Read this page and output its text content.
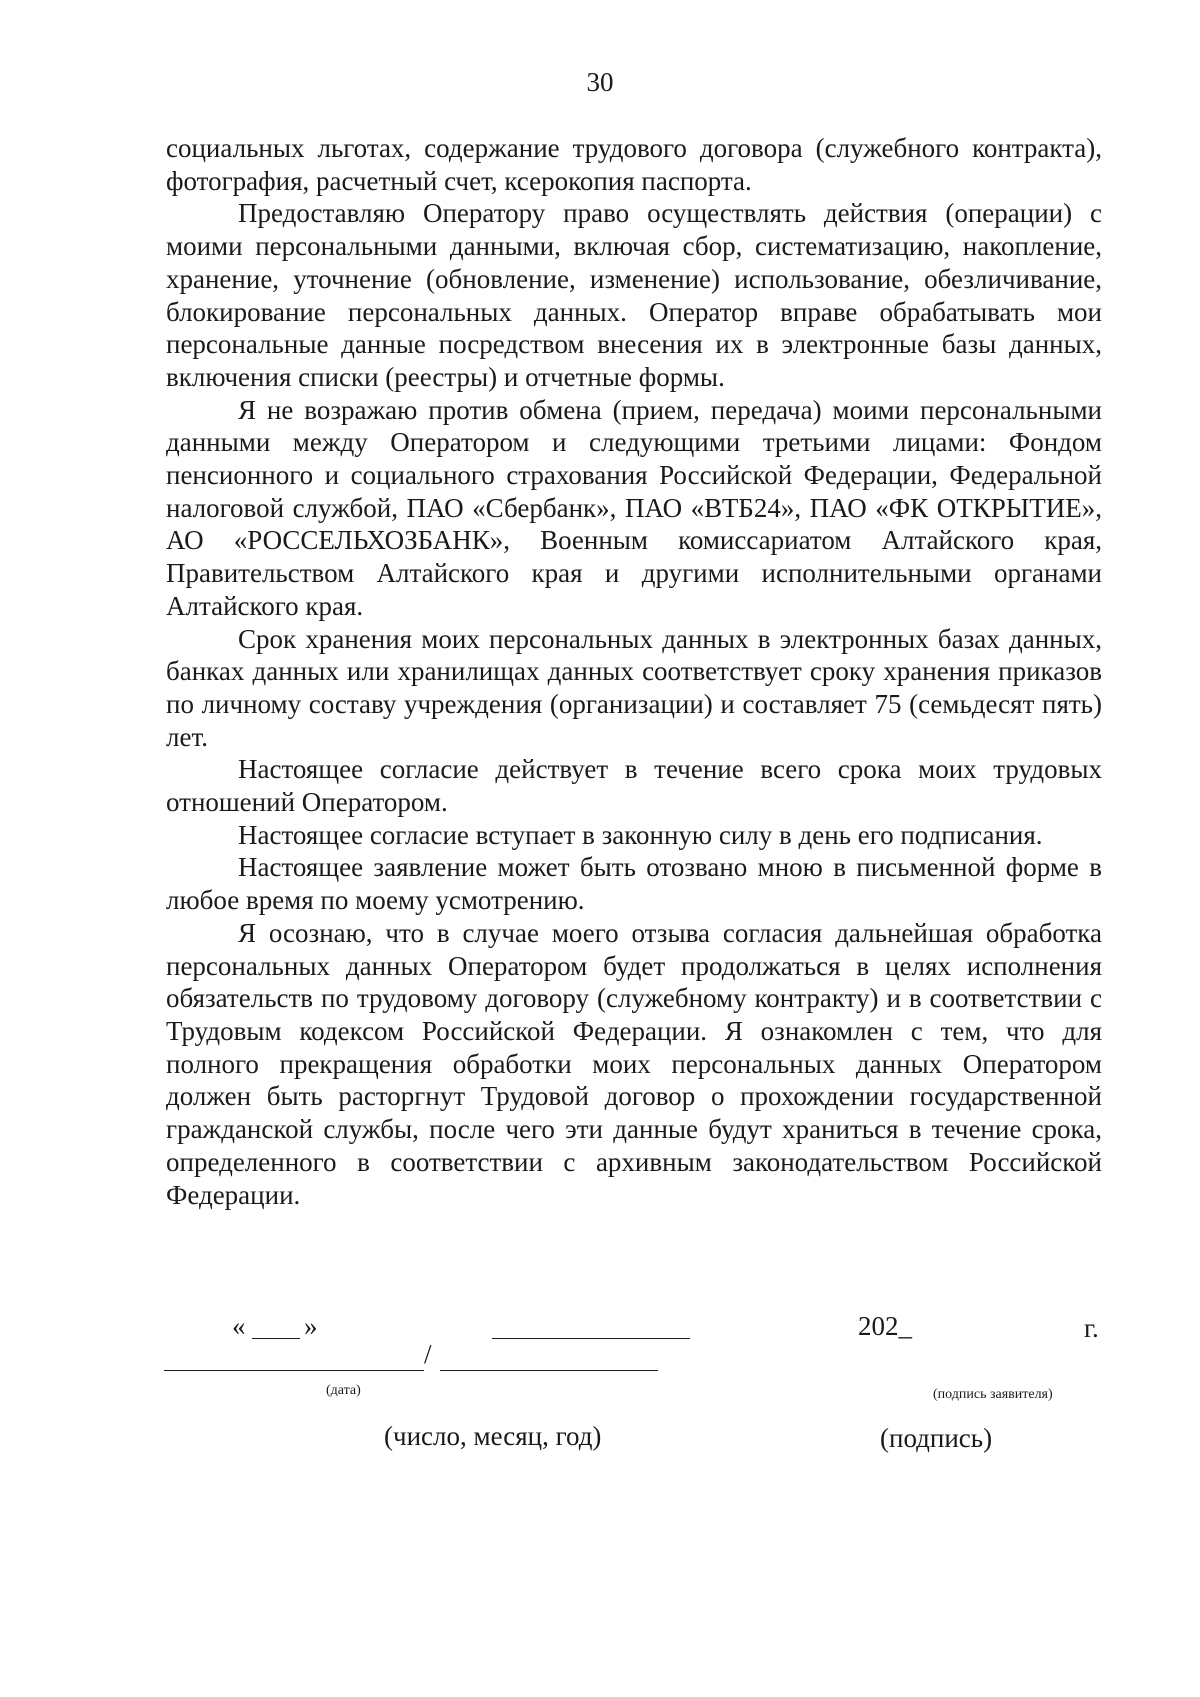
30

социальных льготах, содержание трудового договора (служебного контракта), фотография, расчетный счет, ксерокопия паспорта.

Предоставляю Оператору право осуществлять действия (операции) с моими персональными данными, включая сбор, систематизацию, накопление, хранение, уточнение (обновление, изменение) использование, обезличивание, блокирование персональных данных. Оператор вправе обрабатывать мои персональные данные посредством внесения их в электронные базы данных, включения списки (реестры) и отчетные формы.

Я не возражаю против обмена (прием, передача) моими персональными данными между Оператором и следующими третьими лицами: Фондом пенсионного и социального страхования Российской Федерации, Федеральной налоговой службой, ПАО «Сбербанк», ПАО «ВТБ24», ПАО «ФК ОТКРЫТИЕ», АО «РОССЕЛЬХОЗБАНК», Военным комиссариатом Алтайского края, Правительством Алтайского края и другими исполнительными органами Алтайского края.

Срок хранения моих персональных данных в электронных базах данных, банках данных или хранилищах данных соответствует сроку хранения приказов по личному составу учреждения (организации) и составляет 75 (семьдесят пять) лет.

Настоящее согласие действует в течение всего срока моих трудовых отношений Оператором.

Настоящее согласие вступает в законную силу в день его подписания.

Настоящее заявление может быть отозвано мною в письменной форме в любое время по моему усмотрению.

Я осознаю, что в случае моего отзыва согласия дальнейшая обработка персональных данных Оператором будет продолжаться в целях исполнения обязательств по трудовому договору (служебному контракту) и в соответствии с Трудовым кодексом Российской Федерации. Я ознакомлен с тем, что для полного прекращения обработки моих персональных данных Оператором должен быть расторгнут Трудовой договор о прохождении государственной гражданской службы, после чего эти данные будут храниться в течение срока, определенного в соответствии с архивным законодательством Российской Федерации.

« »	202_	г.
/
(дата)	(подпись заявителя)
(число, месяц, год)	(подпись)
